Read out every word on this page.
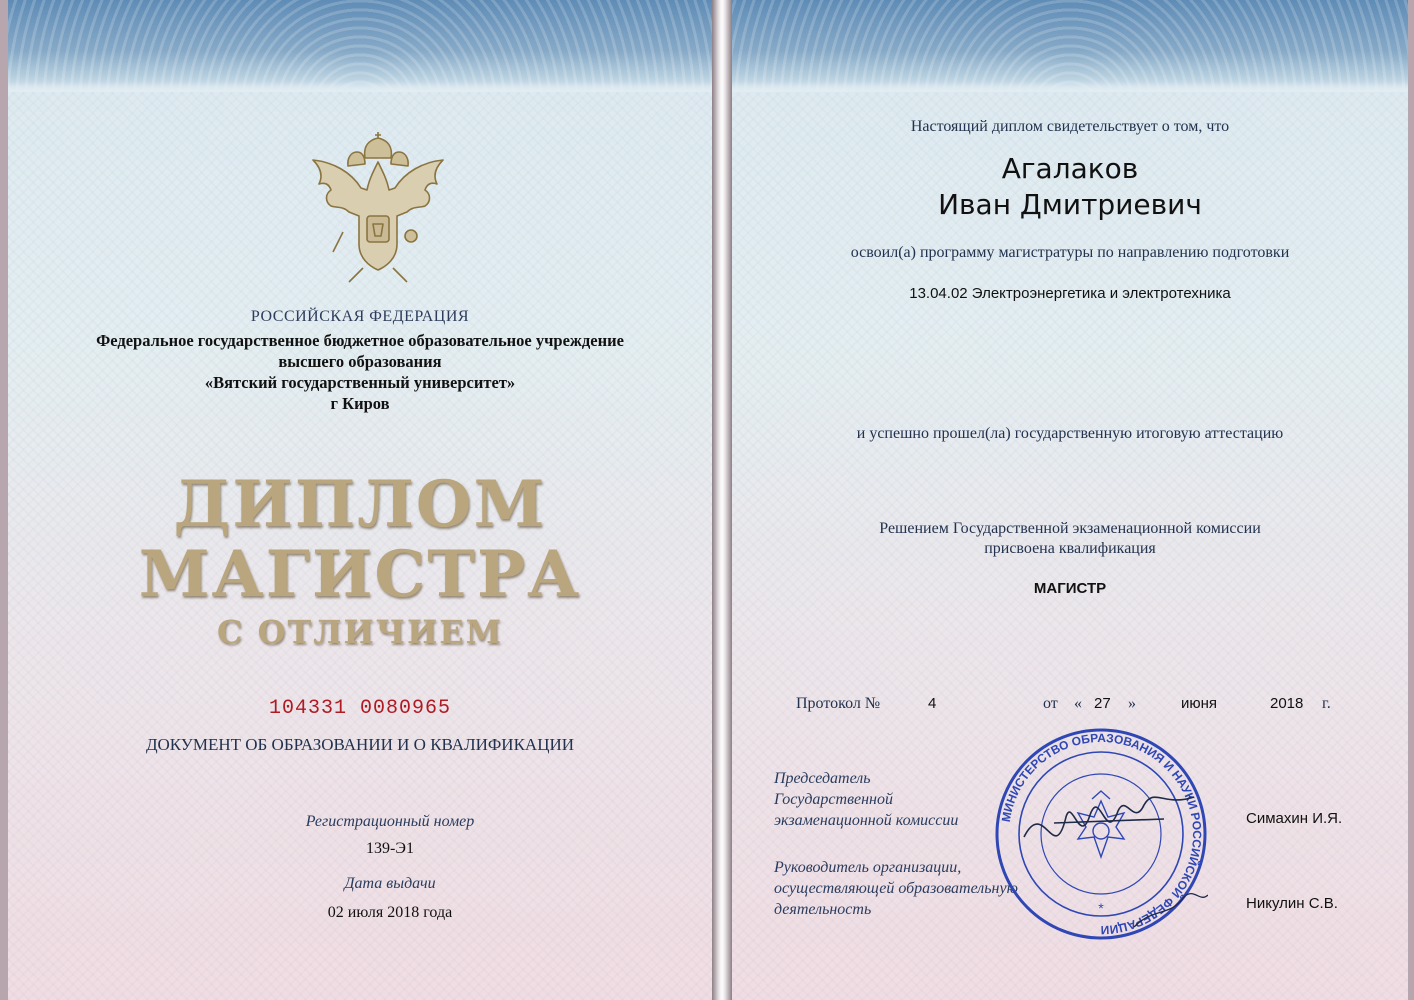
РОССИЙСКАЯ ФЕДЕРАЦИЯ
Федеральное государственное бюджетное образовательное учреждение
высшего образования
«Вятский государственный университет»
г Киров
ДИПЛОМ
МАГИСТРА
С ОТЛИЧИЕМ
104331 0080965
ДОКУМЕНТ ОБ ОБРАЗОВАНИИ И О КВАЛИФИКАЦИИ
Регистрационный номер
139-Э1
Дата выдачи
02 июля 2018 года
Настоящий диплом свидетельствует о том, что
Агалаков
Иван Дмитриевич
освоил(а) программу магистратуры по направлению подготовки
13.04.02 Электроэнергетика и электротехника
и успешно прошел(ла) государственную итоговую аттестацию
Решением Государственной экзаменационной комиссии
присвоена квалификация
МАГИСТР
Протокол №	4	от « 27 »	июня	2018 г.
Председатель
Государственной
экзаменационной комиссии	Симахин И.Я.
Руководитель организации,
осуществляющей образовательную
деятельность	Никулин С.В.
МИНИСТЕРСТВО ОБРАЗОВАНИЯ И НАУКИ РОССИЙСКОЙ ФЕДЕРАЦИИ
*
